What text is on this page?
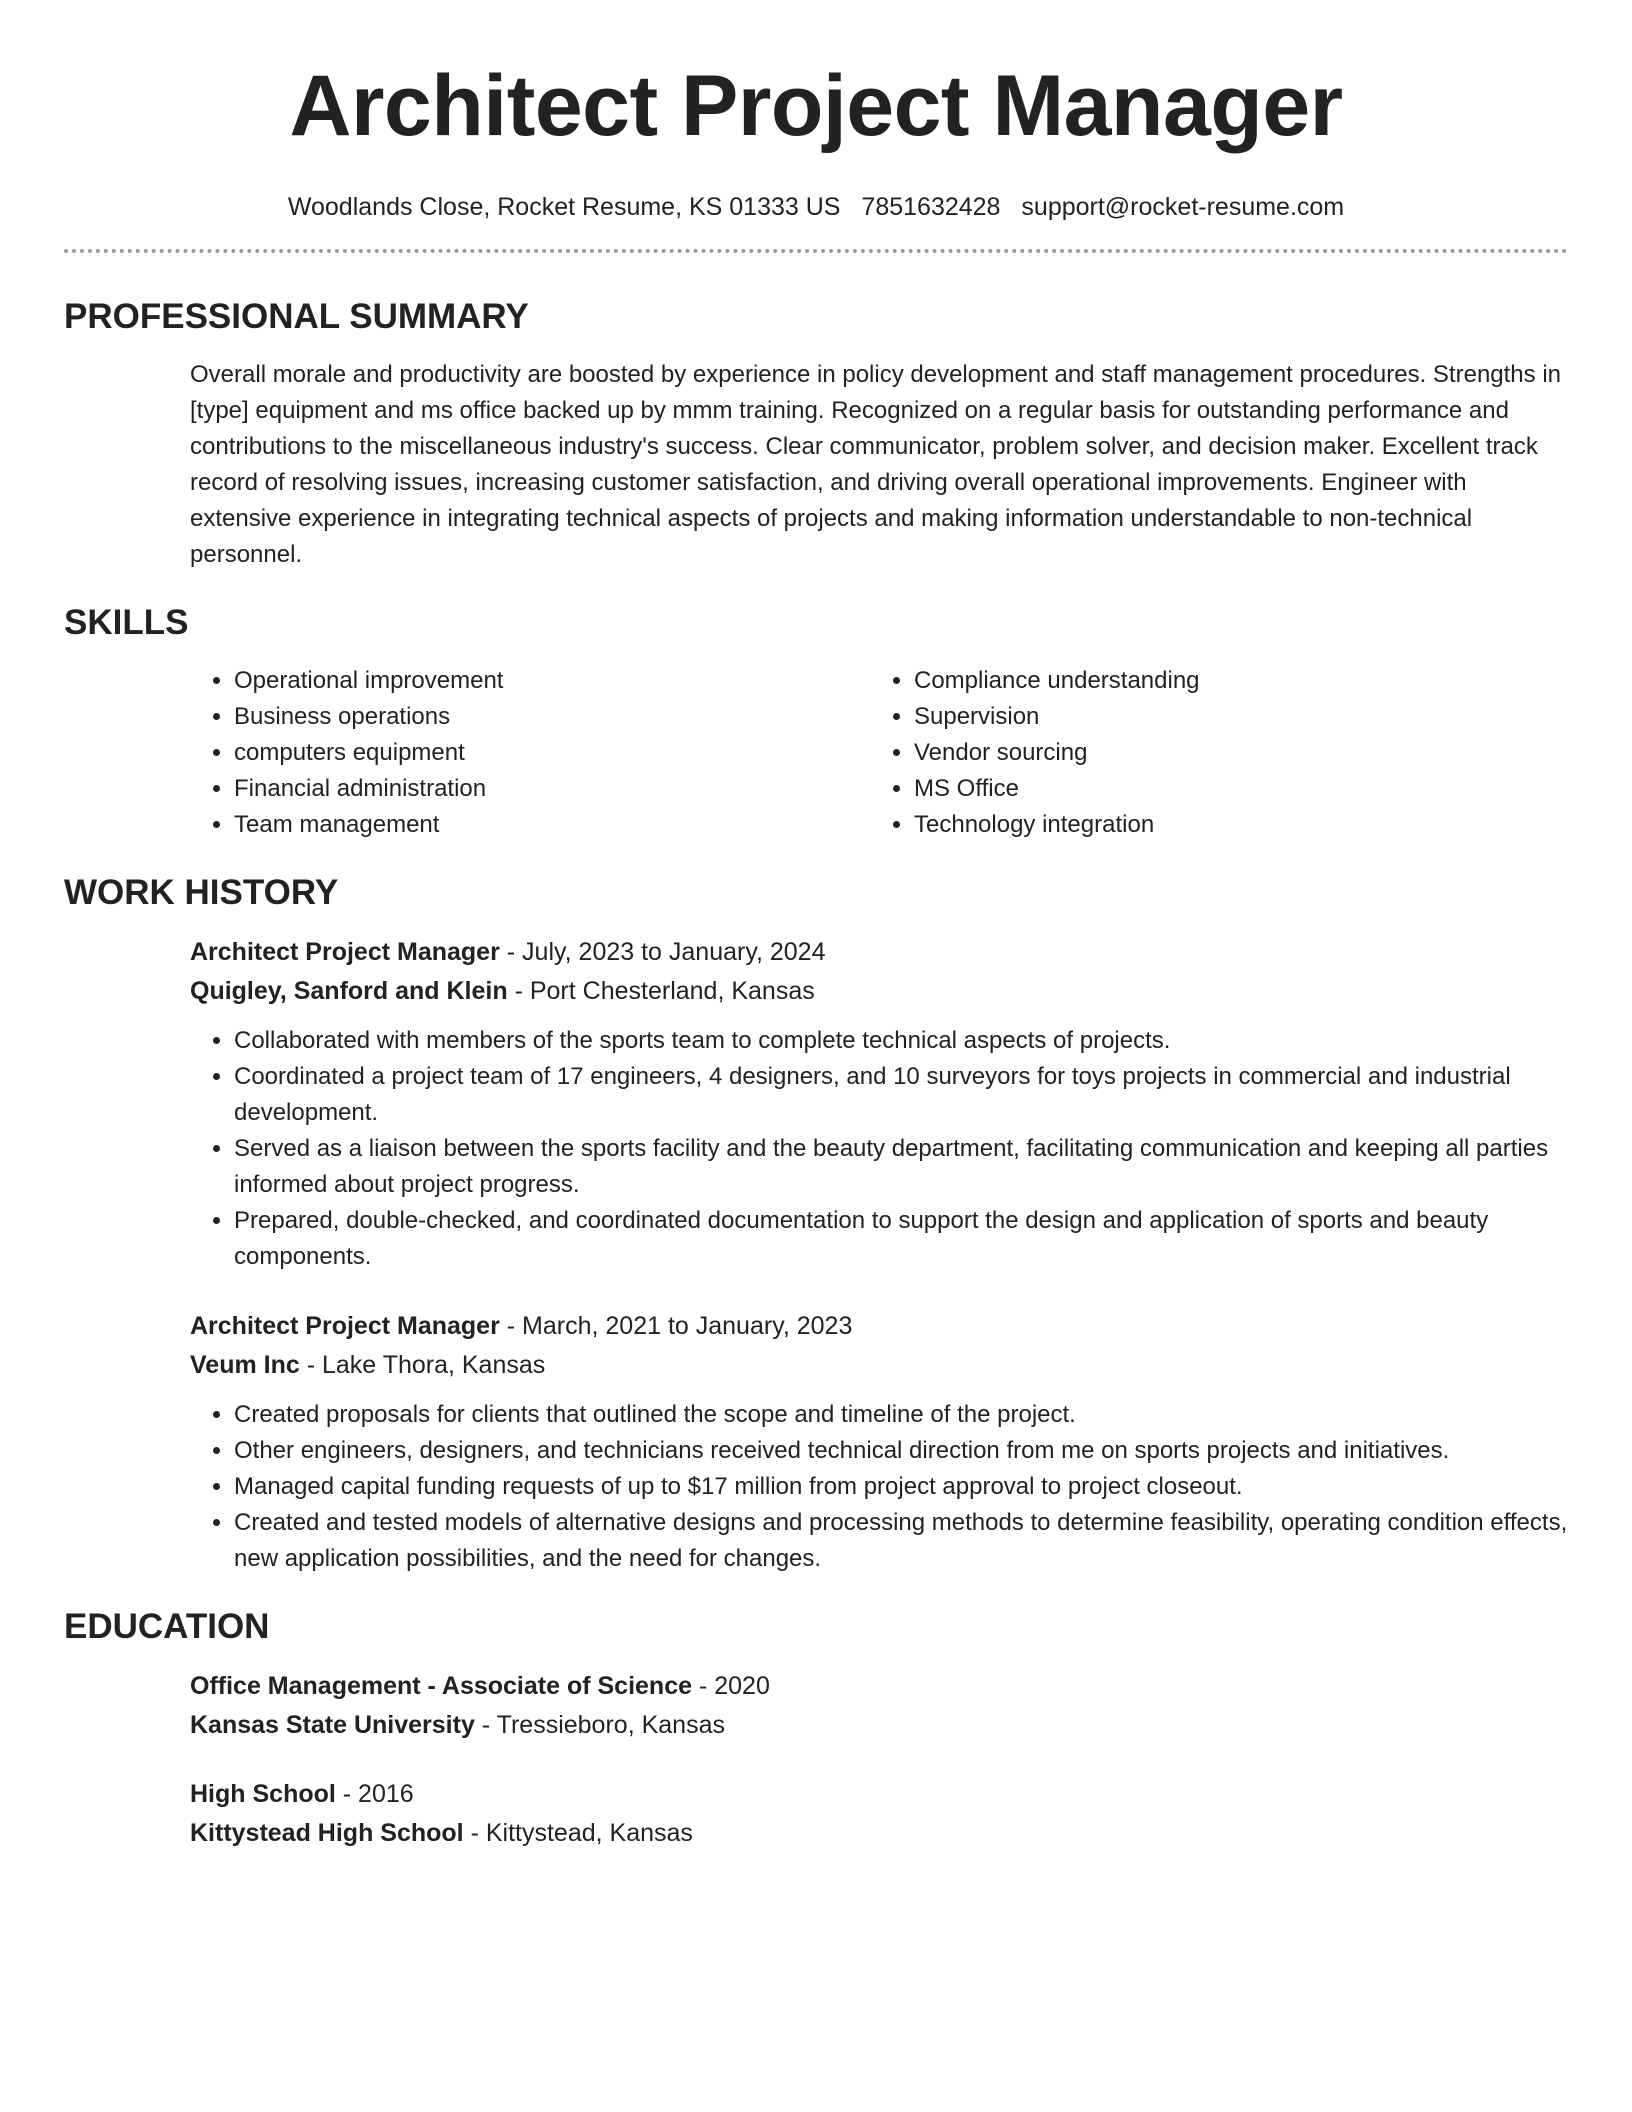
Architect Project Manager
Woodlands Close, Rocket Resume, KS 01333 US 7851632428 support@rocket-resume.com
PROFESSIONAL SUMMARY

Overall morale and productivity are boosted by experience in policy development and staff management procedures. Strengths in [type] equipment and ms office backed up by mmm training. Recognized on a regular basis for outstanding performance and contributions to the miscellaneous industry's success. Clear communicator, problem solver, and decision maker. Excellent track record of resolving issues, increasing customer satisfaction, and driving overall operational improvements. Engineer with extensive experience in integrating technical aspects of projects and making information understandable to non-technical personnel.

SKILLS
• Operational improvement
• Business operations
• computers equipment
• Financial administration
• Team management
• Compliance understanding
• Supervision
• Vendor sourcing
• MS Office
• Technology integration
WORK HISTORY
Architect Project Manager - July, 2023 to January, 2024
Quigley, Sanford and Klein - Port Chesterland, Kansas
• Collaborated with members of the sports team to complete technical aspects of projects.
• Coordinated a project team of 17 engineers, 4 designers, and 10 surveyors for toys projects in commercial and industrial development.
• Served as a liaison between the sports facility and the beauty department, facilitating communication and keeping all parties informed about project progress.
• Prepared, double-checked, and coordinated documentation to support the design and application of sports and beauty components.
Architect Project Manager - March, 2021 to January, 2023
Veum Inc - Lake Thora, Kansas
• Created proposals for clients that outlined the scope and timeline of the project.
• Other engineers, designers, and technicians received technical direction from me on sports projects and initiatives.
• Managed capital funding requests of up to $17 million from project approval to project closeout.
• Created and tested models of alternative designs and processing methods to determine feasibility, operating condition effects, new application possibilities, and the need for changes.
EDUCATION
Office Management - Associate of Science - 2020
Kansas State University - Tressieboro, Kansas
High School - 2016
Kittystead High School - Kittystead, Kansas
